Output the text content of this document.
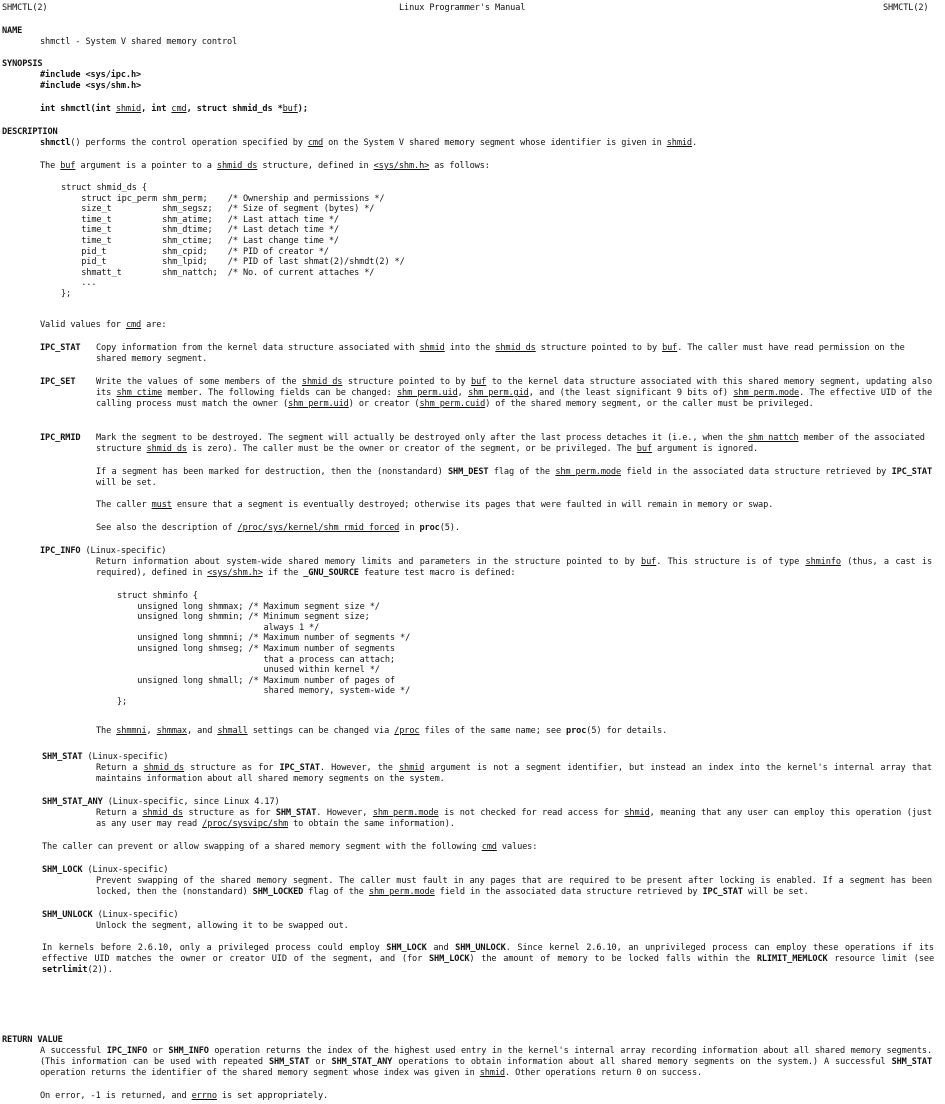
SHMCTL(2)	Linux Programmer's Manual	SHMCTL(2)
NAME
shmctl - System V shared memory control
SYNOPSIS
#include <sys/ipc.h>
#include <sys/shm.h>
int shmctl(int shmid, int cmd, struct shmid_ds *buf);
DESCRIPTION
shmctl() performs the control operation specified by cmd on the System V shared memory segment whose identifier is given in shmid.
The buf argument is a pointer to a shmid_ds structure, defined in <sys/shm.h> as follows:
struct shmid_ds {
struct ipc_perm shm_perm;    /* Ownership and permissions */
size_t          shm_segsz;   /* Size of segment (bytes) */
time_t          shm_atime;   /* Last attach time */
time_t          shm_dtime;   /* Last detach time */
time_t          shm_ctime;   /* Last change time */
pid_t           shm_cpid;    /* PID of creator */
pid_t           shm_lpid;    /* PID of last shmat(2)/shmdt(2) */
shmatt_t        shm_nattch;  /* No. of current attaches */
...
};
Valid values for cmd are:
IPC_STAT Copy information from the kernel data structure associated with shmid into the shmid_ds structure pointed to by buf. The caller must have read permission on the shared memory segment.
IPC_SET Write the values of some members of the shmid_ds structure pointed to by buf to the kernel data structure associated with this shared memory segment, updating also its shm_ctime member. The following fields can be changed: shm_perm.uid, shm_perm.gid, and (the least significant 9 bits of) shm_perm.mode. The effective UID of the calling process must match the owner (shm_perm.uid) or creator (shm_perm.cuid) of the shared memory segment, or the caller must be privileged.
IPC_RMID Mark the segment to be destroyed. The segment will actually be destroyed only after the last process detaches it (i.e., when the shm_nattch member of the associated structure shmid_ds is zero). The caller must be the owner or creator of the segment, or be privileged. The buf argument is ignored.
If a segment has been marked for destruction, then the (nonstandard) SHM_DEST flag of the shm_perm.mode field in the associated data structure retrieved by IPC_STAT will be set.
The caller must ensure that a segment is eventually destroyed; otherwise its pages that were faulted in will remain in memory or swap.
See also the description of /proc/sys/kernel/shm_rmid_forced in proc(5).
IPC_INFO (Linux-specific)
Return information about system-wide shared memory limits and parameters in the structure pointed to by buf. This structure is of type shminfo (thus, a cast is required), defined in <sys/shm.h> if the _GNU_SOURCE feature test macro is defined:
struct shminfo {
unsigned long shmmax; /* Maximum segment size */
unsigned long shmmin; /* Minimum segment size;
always 1 */
unsigned long shmmni; /* Maximum number of segments */
unsigned long shmseg; /* Maximum number of segments
that a process can attach;
unused within kernel */
unsigned long shmall; /* Maximum number of pages of
shared memory, system-wide */
};
The shmmni, shmmax, and shmall settings can be changed via /proc files of the same name; see proc(5) for details.
SHM_STAT (Linux-specific)
Return a shmid_ds structure as for IPC_STAT. However, the shmid argument is not a segment identifier, but instead an index into the kernel's internal array that maintains information about all shared memory segments on the system.
SHM_STAT_ANY (Linux-specific, since Linux 4.17)
Return a shmid_ds structure as for SHM_STAT. However, shm_perm.mode is not checked for read access for shmid, meaning that any user can employ this operation (just as any user may read /proc/sysvipc/shm to obtain the same information).
The caller can prevent or allow swapping of a shared memory segment with the following cmd values:
SHM_LOCK (Linux-specific)
Prevent swapping of the shared memory segment. The caller must fault in any pages that are required to be present after locking is enabled. If a segment has been locked, then the (nonstandard) SHM_LOCKED flag of the shm_perm.mode field in the associated data structure retrieved by IPC_STAT will be set.
SHM_UNLOCK (Linux-specific)
Unlock the segment, allowing it to be swapped out.
In kernels before 2.6.10, only a privileged process could employ SHM_LOCK and SHM_UNLOCK. Since kernel 2.6.10, an unprivileged process can employ these operations if its effective UID matches the owner or creator UID of the segment, and (for SHM_LOCK) the amount of memory to be locked falls within the RLIMIT_MEMLOCK resource limit (see setrlimit(2)).
RETURN VALUE
A successful IPC_INFO or SHM_INFO operation returns the index of the highest used entry in the kernel's internal array recording information about all shared memory segments. (This information can be used with repeated SHM_STAT or SHM_STAT_ANY operations to obtain information about all shared memory segments on the system.) A successful SHM_STAT operation returns the identifier of the shared memory segment whose index was given in shmid. Other operations return 0 on success.
On error, -1 is returned, and errno is set appropriately.
